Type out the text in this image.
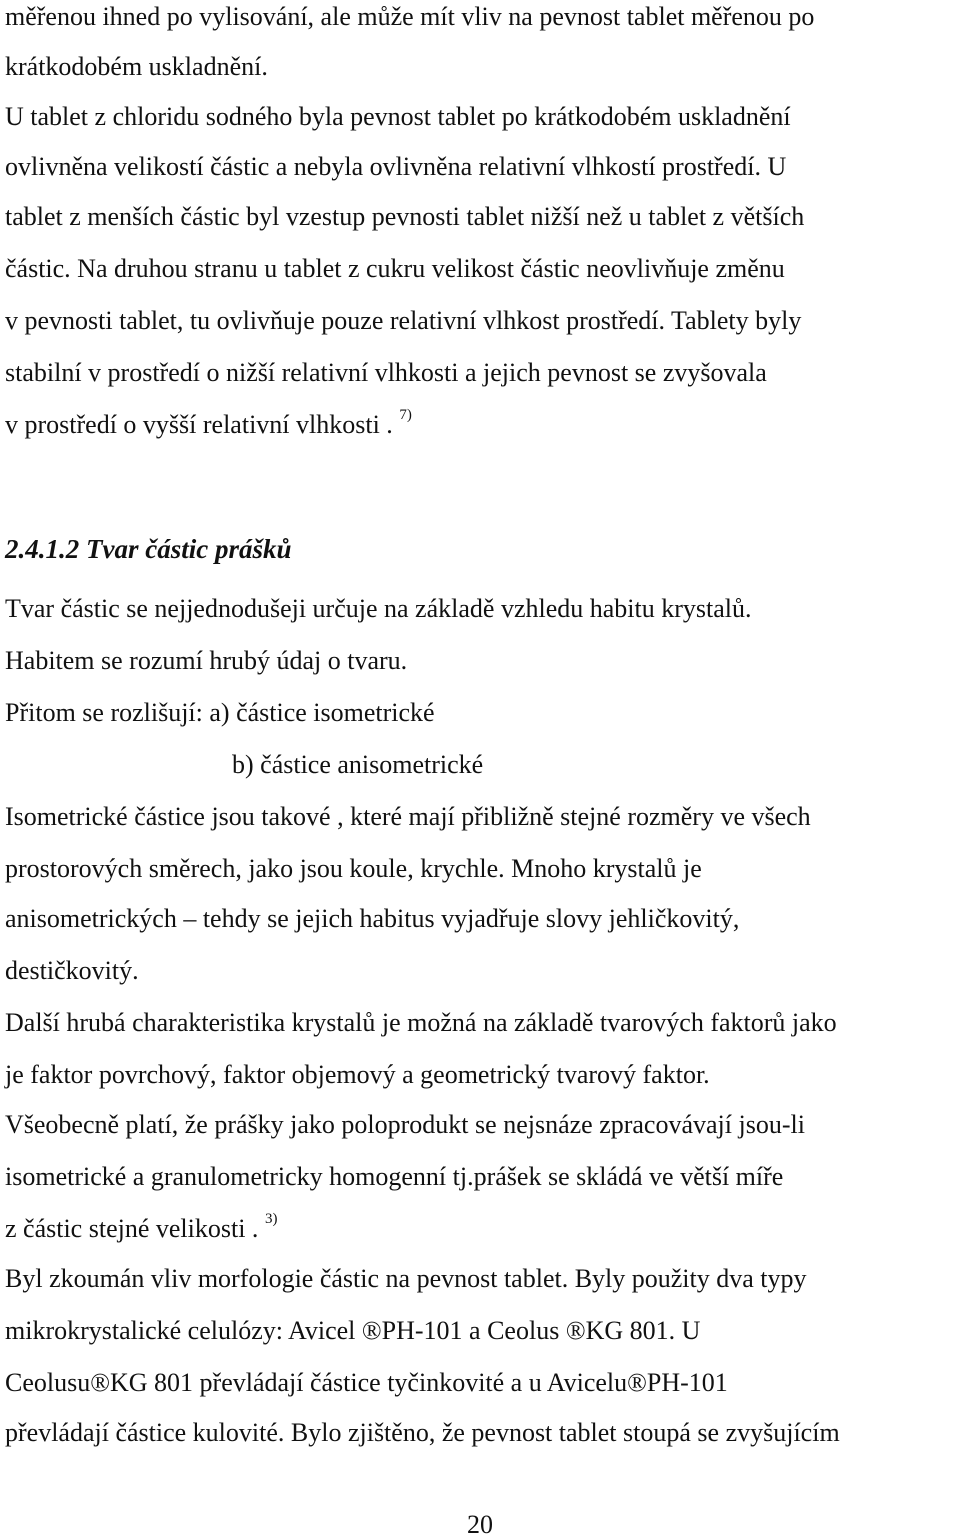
měřenou ihned po vylisování, ale může mít vliv na pevnost tablet měřenou po
krátkodobém uskladnění.
U tablet z chloridu sodného byla pevnost tablet po krátkodobém uskladnění
ovlivněna velikostí částic a nebyla ovlivněna relativní vlhkostí prostředí. U
tablet z menších částic byl vzestup pevnosti tablet nižší než u tablet z větších
částic. Na druhou stranu u tablet z cukru velikost částic neovlivňuje změnu
v pevnosti tablet, tu ovlivňuje pouze relativní vlhkost prostředí. Tablety byly
stabilní v prostředí o nižší relativní vlhkosti a jejich pevnost se zvyšovala
v prostředí o vyšší relativní vlhkosti . $^{7)}$
2.4.1.2 Tvar částic prášků
Tvar částic se nejjednodušeji určuje na základě vzhledu habitu krystalů.
Habitem se rozumí hrubý údaj o tvaru.
Přitom se rozlišují: a) částice isometrické
b) částice anisometrické
Isometrické částice jsou takové , které mají přibližně stejné rozměry ve všech
prostorových směrech, jako jsou koule, krychle. Mnoho krystalů je
anisometrických – tehdy se jejich habitus vyjadřuje slovy jehličkovitý,
destičkovitý.
Další hrubá charakteristika krystalů je možná na základě tvarových faktorů jako
je faktor povrchový, faktor objemový a geometrický tvarový faktor.
Všeobecně platí, že prášky jako poloprodukt se nejsnáze zpracovávají jsou-li
isometrické a granulometricky homogenní tj.prášek se skládá ve větší míře
z částic stejné velikosti . $^{3)}$
Byl zkoumán vliv morfologie částic na pevnost tablet. Byly použity dva typy
mikrokrystalické celulózy: Avicel ®PH-101 a Ceolus ®KG 801. U
Ceolusu®KG 801 převládají částice tyčinkovité a u Avicelu®PH-101
převládají částice kulovité. Bylo zjištěno, že pevnost tablet stoupá se zvyšujícím
20
